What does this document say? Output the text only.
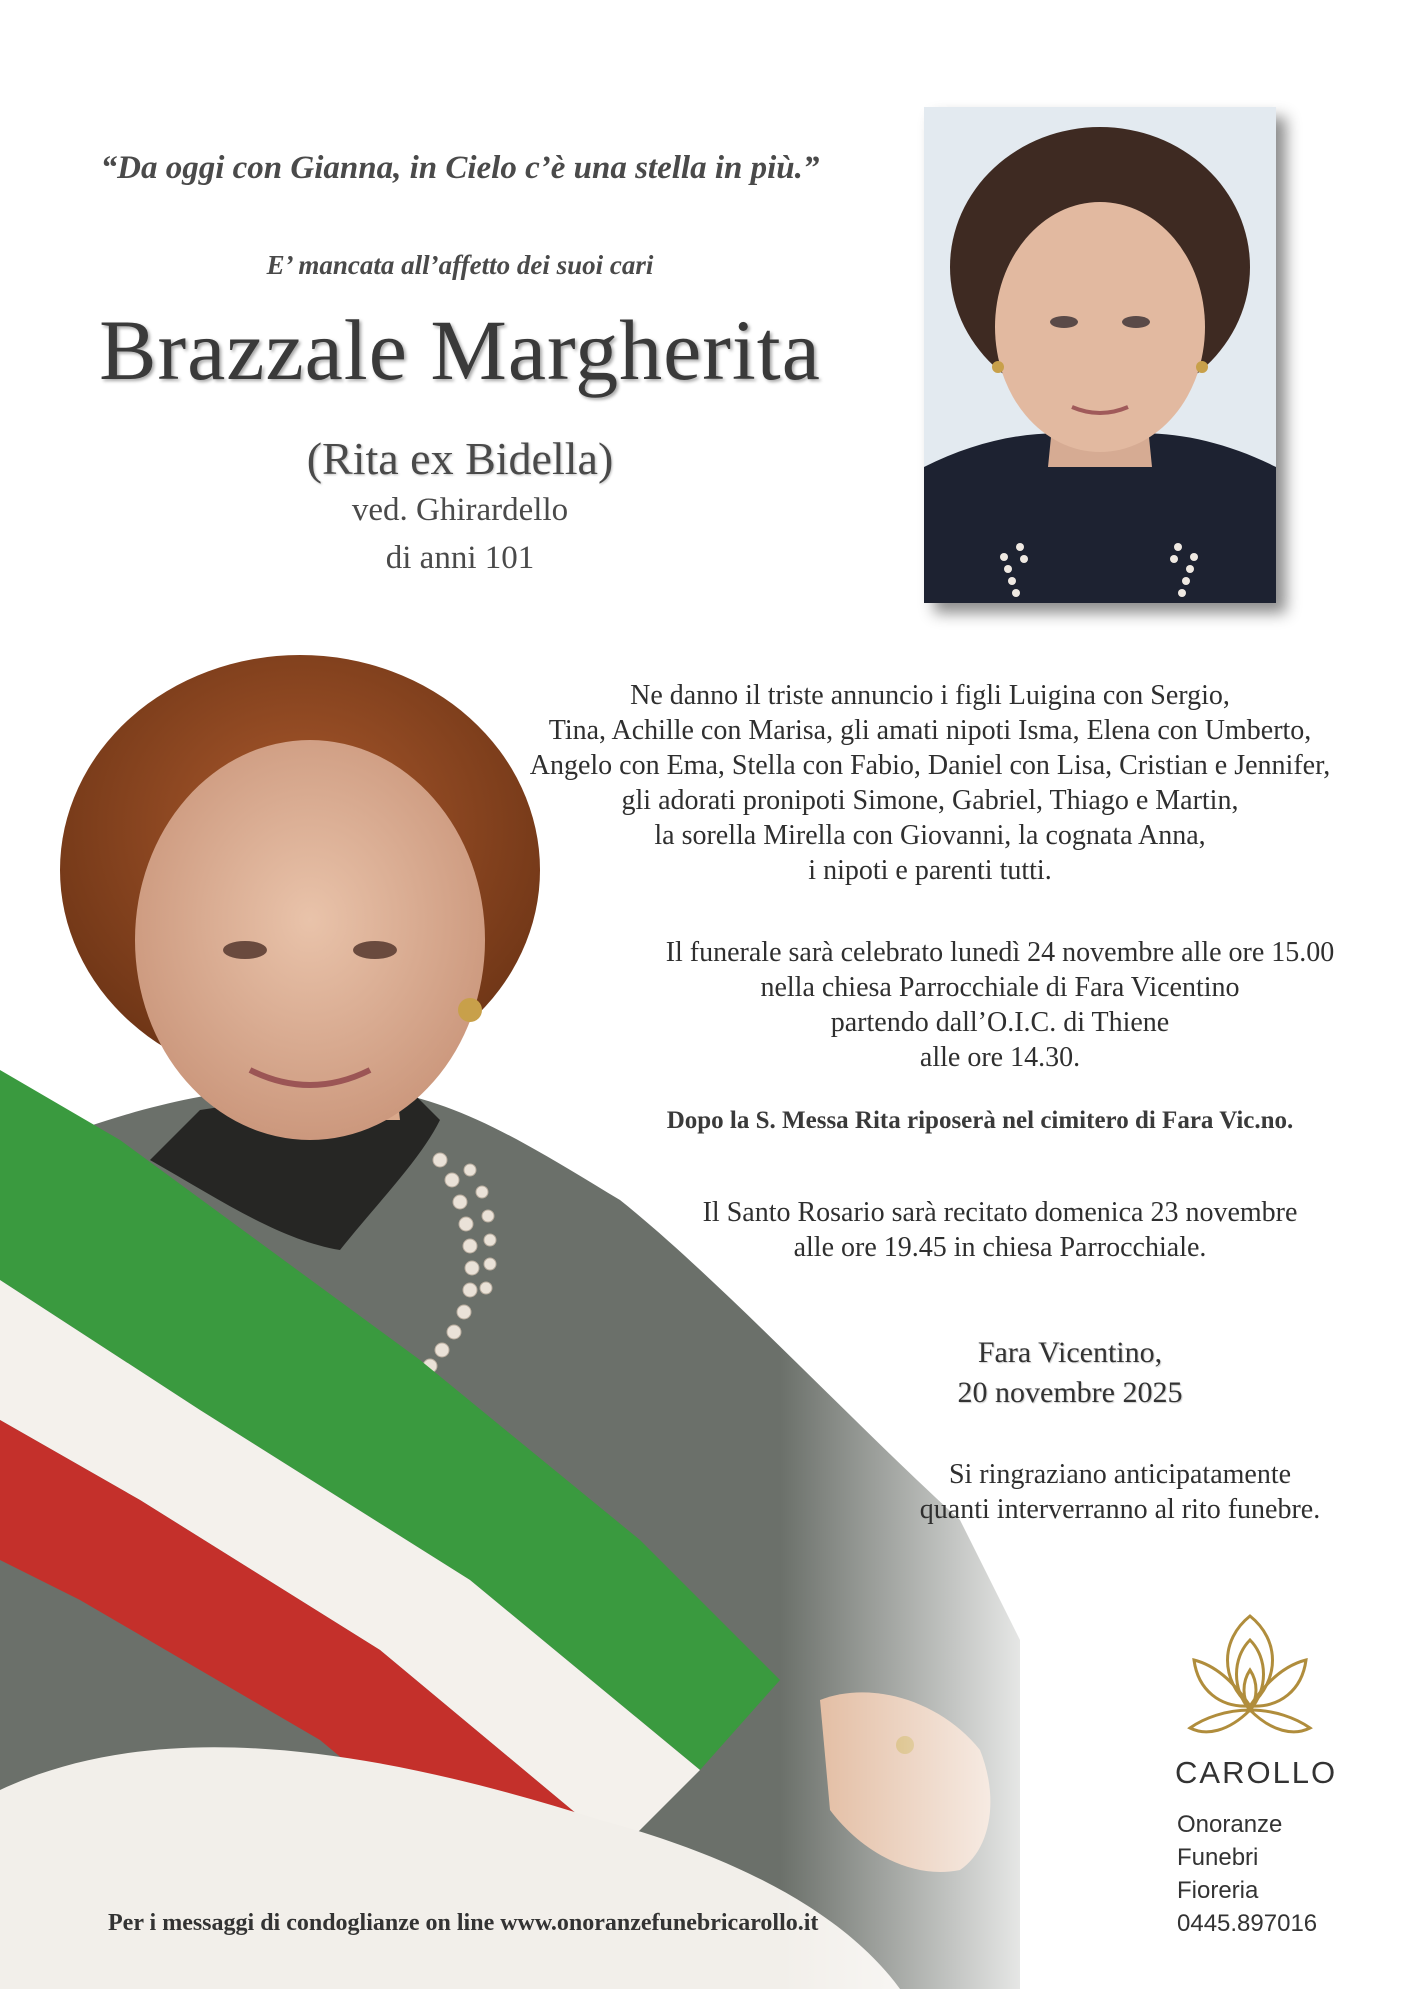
“Da oggi con Gianna, in Cielo c’è una stella in più.”
E’ mancata all’affetto dei suoi cari
Brazzale Margherita
(Rita ex Bidella)
ved. Ghirardello
di anni 101
Ne danno il triste annuncio i figli Luigina con Sergio,
Tina, Achille con Marisa, gli amati nipoti Isma, Elena con Umberto,
Angelo con Ema, Stella con Fabio, Daniel con Lisa, Cristian e Jennifer,
gli adorati pronipoti Simone, Gabriel, Thiago e Martin,
la sorella Mirella con Giovanni, la cognata Anna,
i nipoti e parenti tutti.
Il funerale sarà celebrato lunedì 24 novembre alle ore 15.00
nella chiesa Parrocchiale di Fara Vicentino
partendo dall’O.I.C. di Thiene
alle ore 14.30.
Dopo la S. Messa Rita riposerà nel cimitero di Fara Vic.no.
Il Santo Rosario sarà recitato domenica 23 novembre
alle ore 19.45 in chiesa Parrocchiale.
Fara Vicentino,
20 novembre 2025
Si ringraziano anticipatamente
quanti interverranno al rito funebre.
CAROLLO
Onoranze
Funebri
Fioreria
0445.897016
Per i messaggi di condoglianze on line www.onoranzefunebricarollo.it
